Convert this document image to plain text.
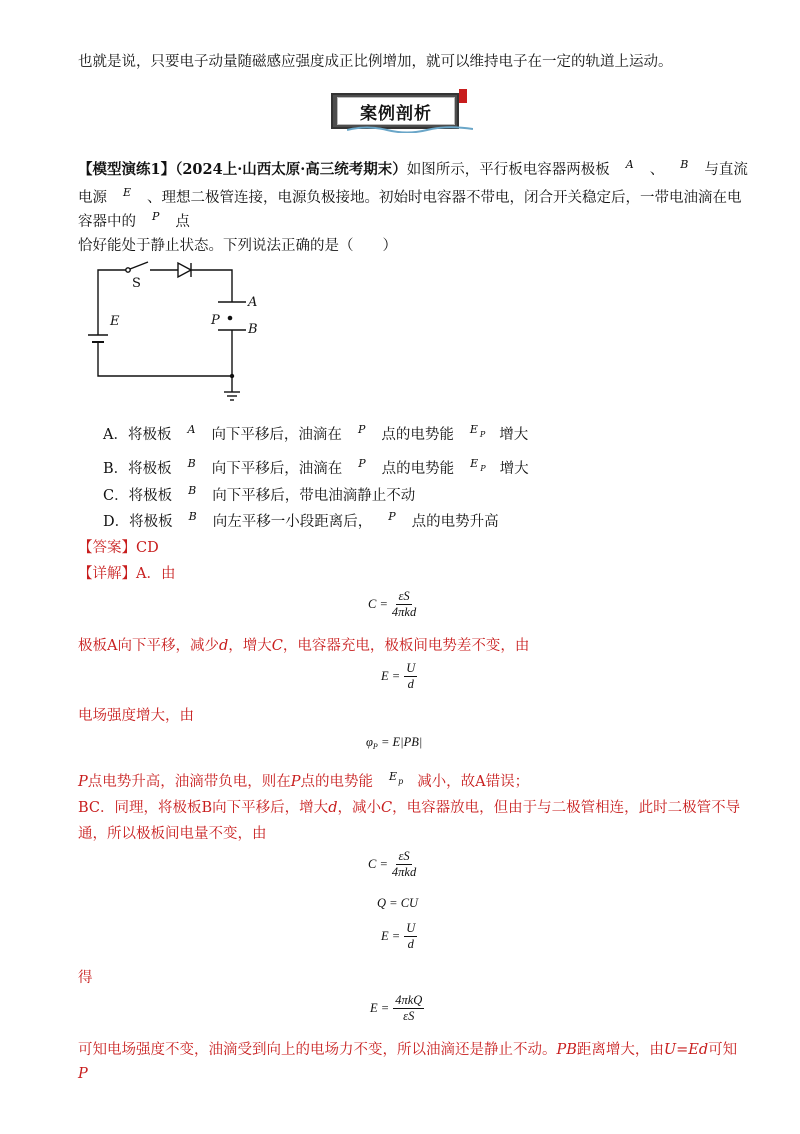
也就是说，只要电子动量随磁感应强度成正比例增加，就可以维持电子在一定的轨道上运动。
案例剖析
【模型演练1】（2024上·山西太原·高三统考期末）如图所示，平行板电容器两极板 A 、 B 与直流
电源 E 、理想二极管连接，电源负极接地。初始时电容器不带电，闭合开关稳定后，一带电油滴在电
容器中的 P 点
恰好能处于静止状态。下列说法正确的是（　　）
S
E
A
P
B
A．将极板 A 向下平移后，油滴在 P 点的电势能 E P 增大
B．将极板 B 向下平移后，油滴在 P 点的电势能 E P 增大
C．将极板 B 向下平移后，带电油滴静止不动
D．将极板 B 向左平移一小段距离后， P 点的电势升高
【答案】CD
【详解】A．由
$C = \frac{\varepsilon S}{\text{4πkd}}$
极板A向下平移，减少d，增大C，电容器充电，极板间电势差不变，由
$E = \frac{U}{d}$
电场强度增大，由
φ P = E|PB|
P点电势升高，油滴带负电，则在P点的电势能 Ep 减小，故A错误；
BC．同理，将极板B向下平移后，增大d，减小C，电容器放电，但由于与二极管相连，此时二极管不导
通，所以极板间电量不变，由
$C = \frac{\varepsilon S}{\text{4πkd}}$
Q = CU
$E = \frac{U}{d}$
得
$E = \frac{\text{4πkQ}}{\varepsilon S}$
可知电场强度不变，油滴受到向上的电场力不变，所以油滴还是静止不动。PB距离增大，由U=Ed可知
P
